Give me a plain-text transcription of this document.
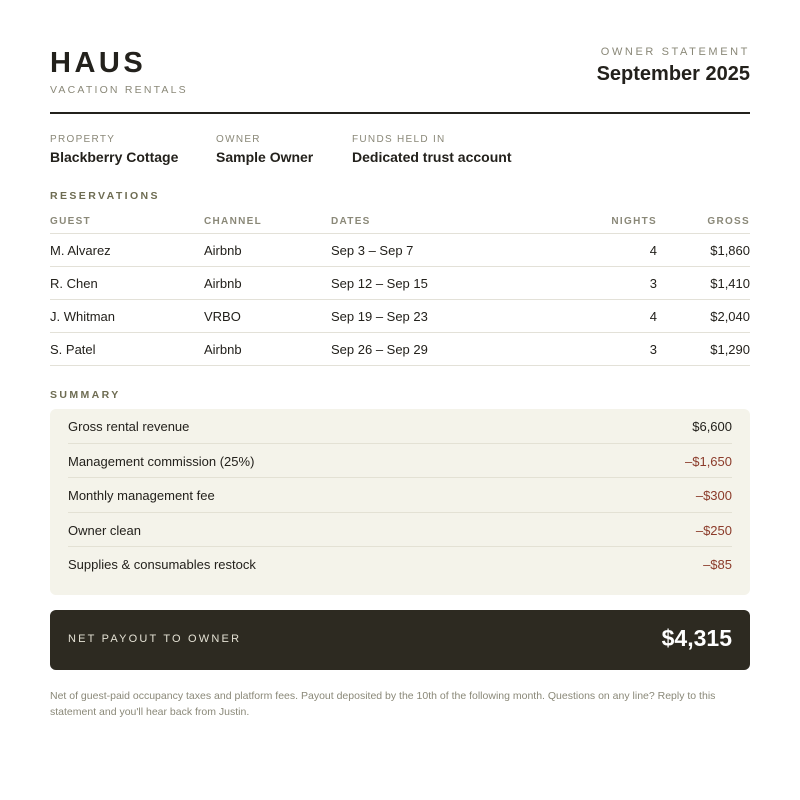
HAUS
VACATION RENTALS
OWNER STATEMENT
September 2025
PROPERTY
Blackberry Cottage
OWNER
Sample Owner
FUNDS HELD IN
Dedicated trust account
RESERVATIONS
GUEST	CHANNEL	DATES	NIGHTS	GROSS
M. Alvarez	Airbnb	Sep 3 – Sep 7	4	$1,860
R. Chen	Airbnb	Sep 12 – Sep 15	3	$1,410
J. Whitman	VRBO	Sep 19 – Sep 23	4	$2,040
S. Patel	Airbnb	Sep 26 – Sep 29	3	$1,290
SUMMARY
Gross rental revenue	$6,600
Management commission (25%)	–$1,650
Monthly management fee	–$300
Owner clean	–$250
Supplies & consumables restock	–$85
NET PAYOUT TO OWNER	$4,315

Net of guest-paid occupancy taxes and platform fees. Payout deposited by the 10th of the following month. Questions on any line? Reply to this statement and you'll hear back from Justin.
